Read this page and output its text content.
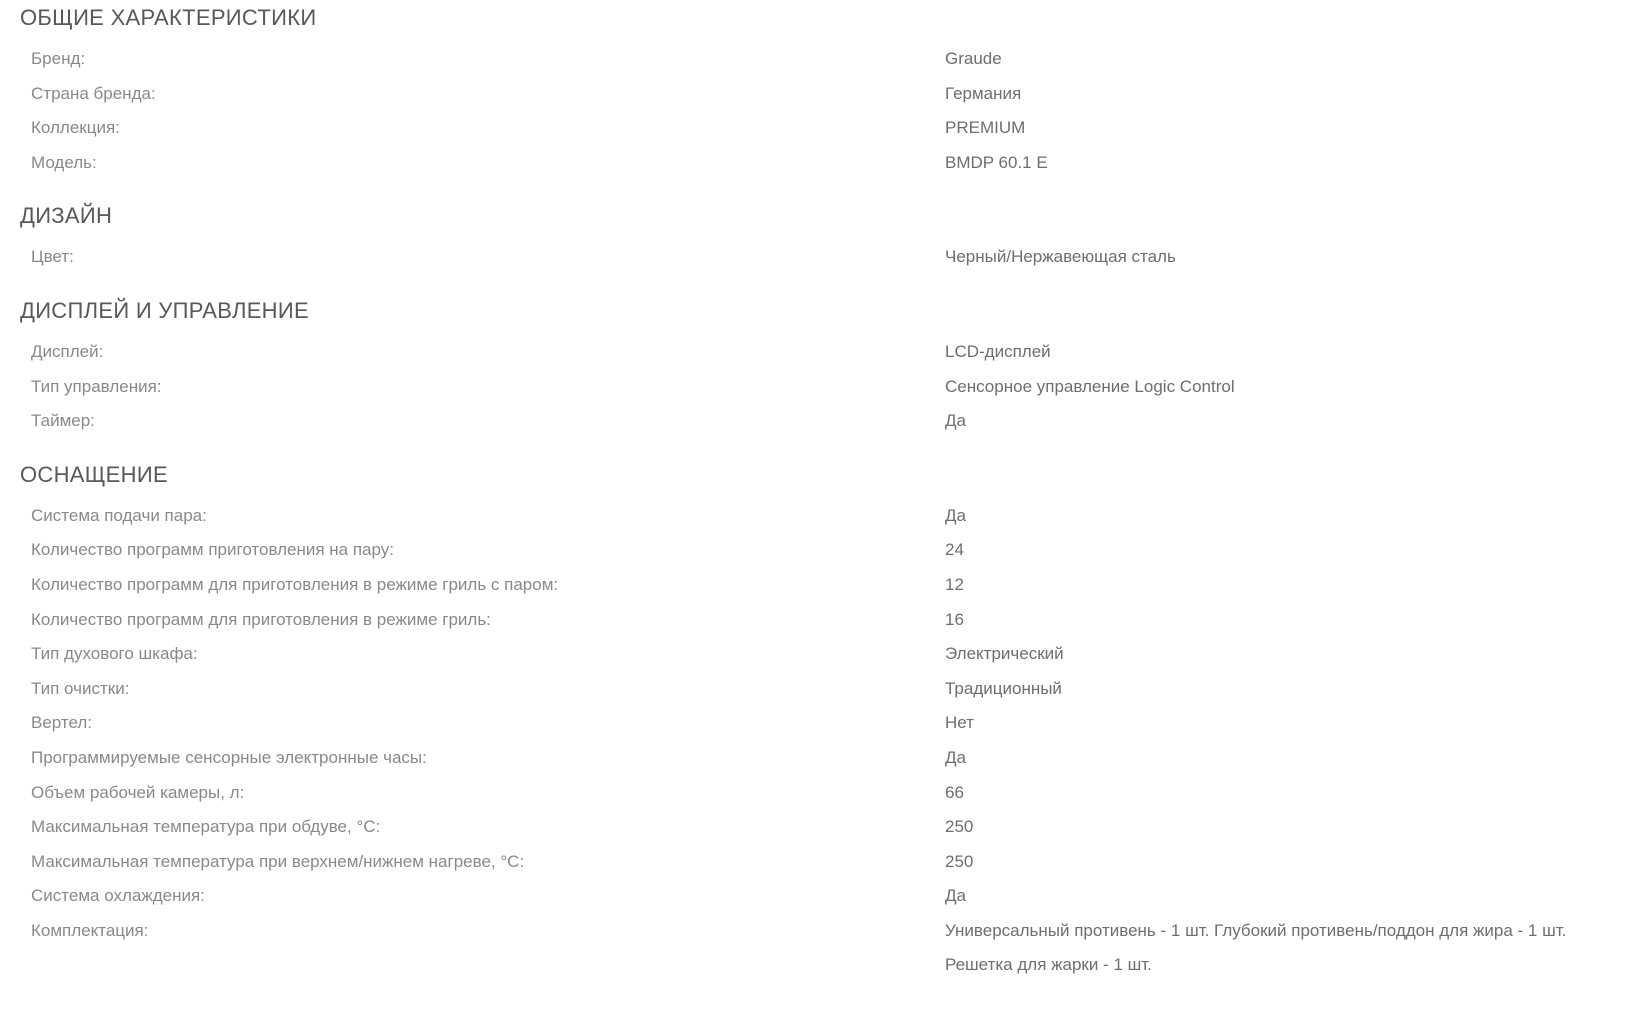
ОБЩИЕ ХАРАКТЕРИСТИКИ
Бренд:	Graude
Страна бренда:	Германия
Коллекция:	PREMIUM
Модель:	BMDP 60.1 E
ДИЗАЙН
Цвет:	Черный/Нержавеющая сталь
ДИСПЛЕЙ И УПРАВЛЕНИЕ
Дисплей:	LCD-дисплей
Тип управления:	Сенсорное управление Logic Control
Таймер:	Да
ОСНАЩЕНИЕ
Система подачи пара:	Да
Количество программ приготовления на пару:	24
Количество программ для приготовления в режиме гриль с паром:	12
Количество программ для приготовления в режиме гриль:	16
Тип духового шкафа:	Электрический
Тип очистки:	Традиционный
Вертел:	Нет
Программируемые сенсорные электронные часы:	Да
Объем рабочей камеры, л:	66
Максимальная температура при обдуве, °С:	250
Максимальная температура при верхнем/нижнем нагреве, °С:	250
Система охлаждения:	Да
Комплектация:	Универсальный противень - 1 шт. Глубокий противень/поддон для жира - 1 шт. Решетка для жарки - 1 шт.
